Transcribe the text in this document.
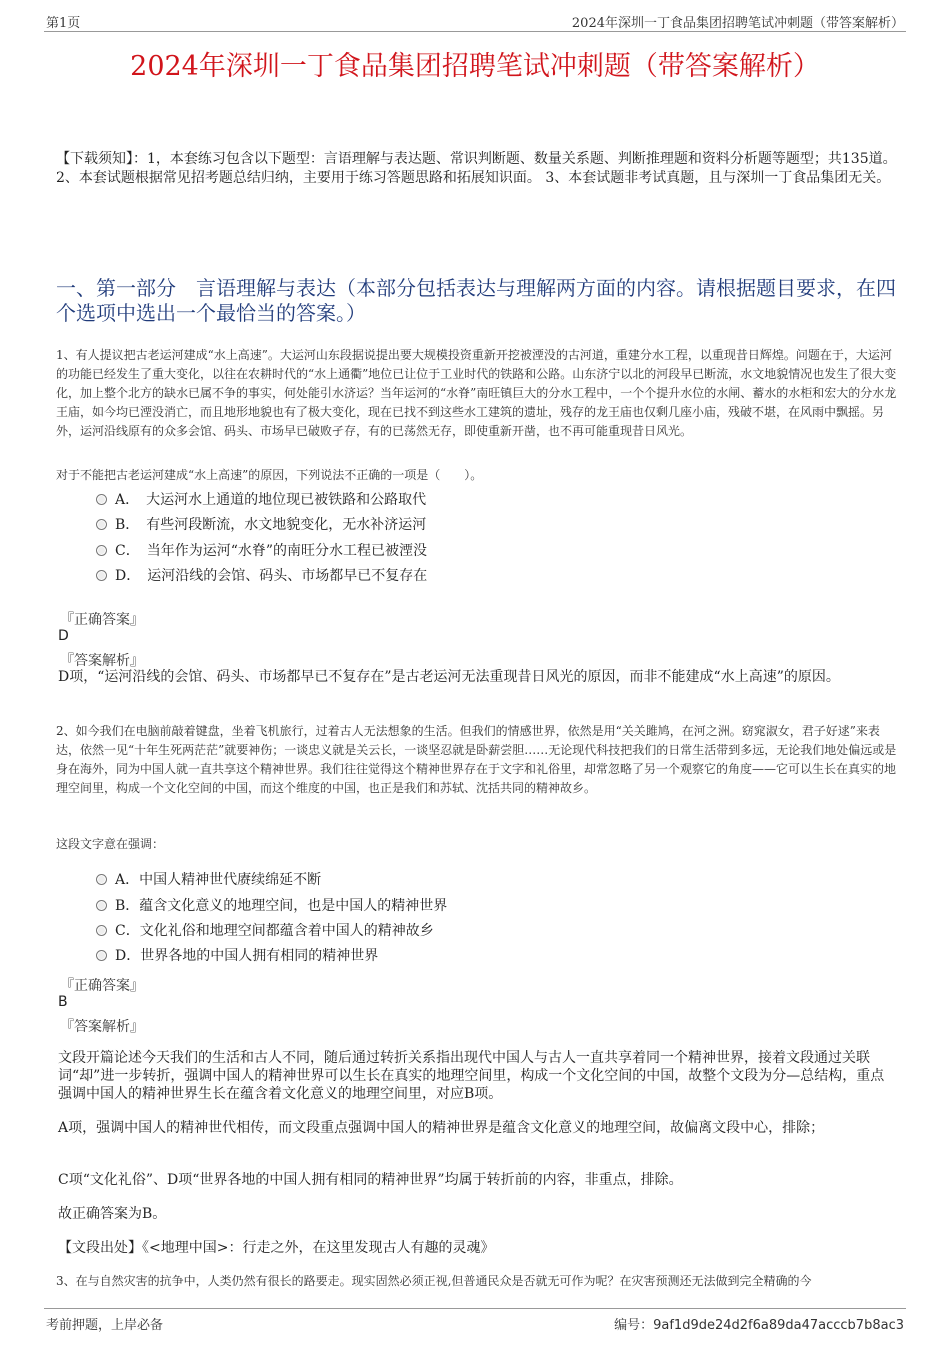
第1页	2024年深圳一丁食品集团招聘笔试冲刺题（带答案解析）
2024年深圳一丁食品集团招聘笔试冲刺题（带答案解析）
【下载须知】：1，本套练习包含以下题型：言语理解与表达题、常识判断题、数量关系题、判断推理题和资料分析题等题型；共135道。 2、本套试题根据常见招考题总结归纳，主要用于练习答题思路和拓展知识面。 3、本套试题非考试真题，且与深圳一丁食品集团无关。
一、第一部分　言语理解与表达（本部分包括表达与理解两方面的内容。请根据题目要求，在四个选项中选出一个最恰当的答案。）
1、有人提议把古老运河建成“水上高速”。大运河山东段据说提出要大规模投资重新开挖被湮没的古河道，重建分水工程，以重现昔日辉煌。问题在于，大运河的功能已经发生了重大变化，以往在农耕时代的“水上通衢”地位已让位于工业时代的铁路和公路。山东济宁以北的河段早已断流，水文地貌情况也发生了很大变化，加上整个北方的缺水已属不争的事实，何处能引水济运？当年运河的“水脊”南旺镇巨大的分水工程中，一个个提升水位的水闸、蓄水的水柜和宏大的分水龙王庙，如今均已湮没消亡，而且地形地貌也有了极大变化，现在已找不到这些水工建筑的遗址，残存的龙王庙也仅剩几座小庙，残破不堪，在风雨中飘摇。另外，运河沿线原有的众多会馆、码头、市场早已破败孑存，有的已荡然无存，即使重新开凿，也不再可能重现昔日风光。
对于不能把古老运河建成“水上高速”的原因，下列说法不正确的一项是（　　）。
A．　大运河水上通道的地位现已被铁路和公路取代
B．　有些河段断流，水文地貌变化，无水补济运河
C．　当年作为运河“水脊”的南旺分水工程已被湮没
D．　运河沿线的会馆、码头、市场都早已不复存在
『正确答案』
D
『答案解析』
D项，“运河沿线的会馆、码头、市场都早已不复存在”是古老运河无法重现昔日风光的原因，而非不能建成“水上高速”的原因。
2、如今我们在电脑前敲着键盘，坐着飞机旅行，过着古人无法想象的生活。但我们的情感世界，依然是用“关关雎鸠，在河之洲。窈窕淑女，君子好逑”来表达，依然一见“十年生死两茫茫”就要神伤；一谈忠义就是关云长，一谈坚忍就是卧薪尝胆……无论现代科技把我们的日常生活带到多远，无论我们地处偏远或是身在海外，同为中国人就一直共享这个精神世界。我们往往觉得这个精神世界存在于文字和礼俗里，却常忽略了另一个观察它的角度——它可以生长在真实的地理空间里，构成一个文化空间的中国，而这个维度的中国，也正是我们和苏轼、沈括共同的精神故乡。
这段文字意在强调：
A．中国人精神世代赓续绵延不断
B．蕴含文化意义的地理空间，也是中国人的精神世界
C．文化礼俗和地理空间都蕴含着中国人的精神故乡
D．世界各地的中国人拥有相同的精神世界
『正确答案』
B
『答案解析』
文段开篇论述今天我们的生活和古人不同，随后通过转折关系指出现代中国人与古人一直共享着同一个精神世界，接着文段通过关联词“却”进一步转折，强调中国人的精神世界可以生长在真实的地理空间里，构成一个文化空间的中国，故整个文段为分—总结构，重点强调中国人的精神世界生长在蕴含着文化意义的地理空间里，对应B项。
A项，强调中国人的精神世代相传，而文段重点强调中国人的精神世界是蕴含文化意义的地理空间，故偏离文段中心，排除；
C项“文化礼俗”、D项“世界各地的中国人拥有相同的精神世界”均属于转折前的内容，非重点，排除。
故正确答案为B。
【文段出处】《<地理中国>：行走之外，在这里发现古人有趣的灵魂》
3、在与自然灾害的抗争中，人类仍然有很长的路要走。现实固然必须正视,但普通民众是否就无可作为呢？在灾害预测还无法做到完全精确的今
考前押题，上岸必备	编号：9af1d9de24d2f6a89da47acccb7b8ac3
